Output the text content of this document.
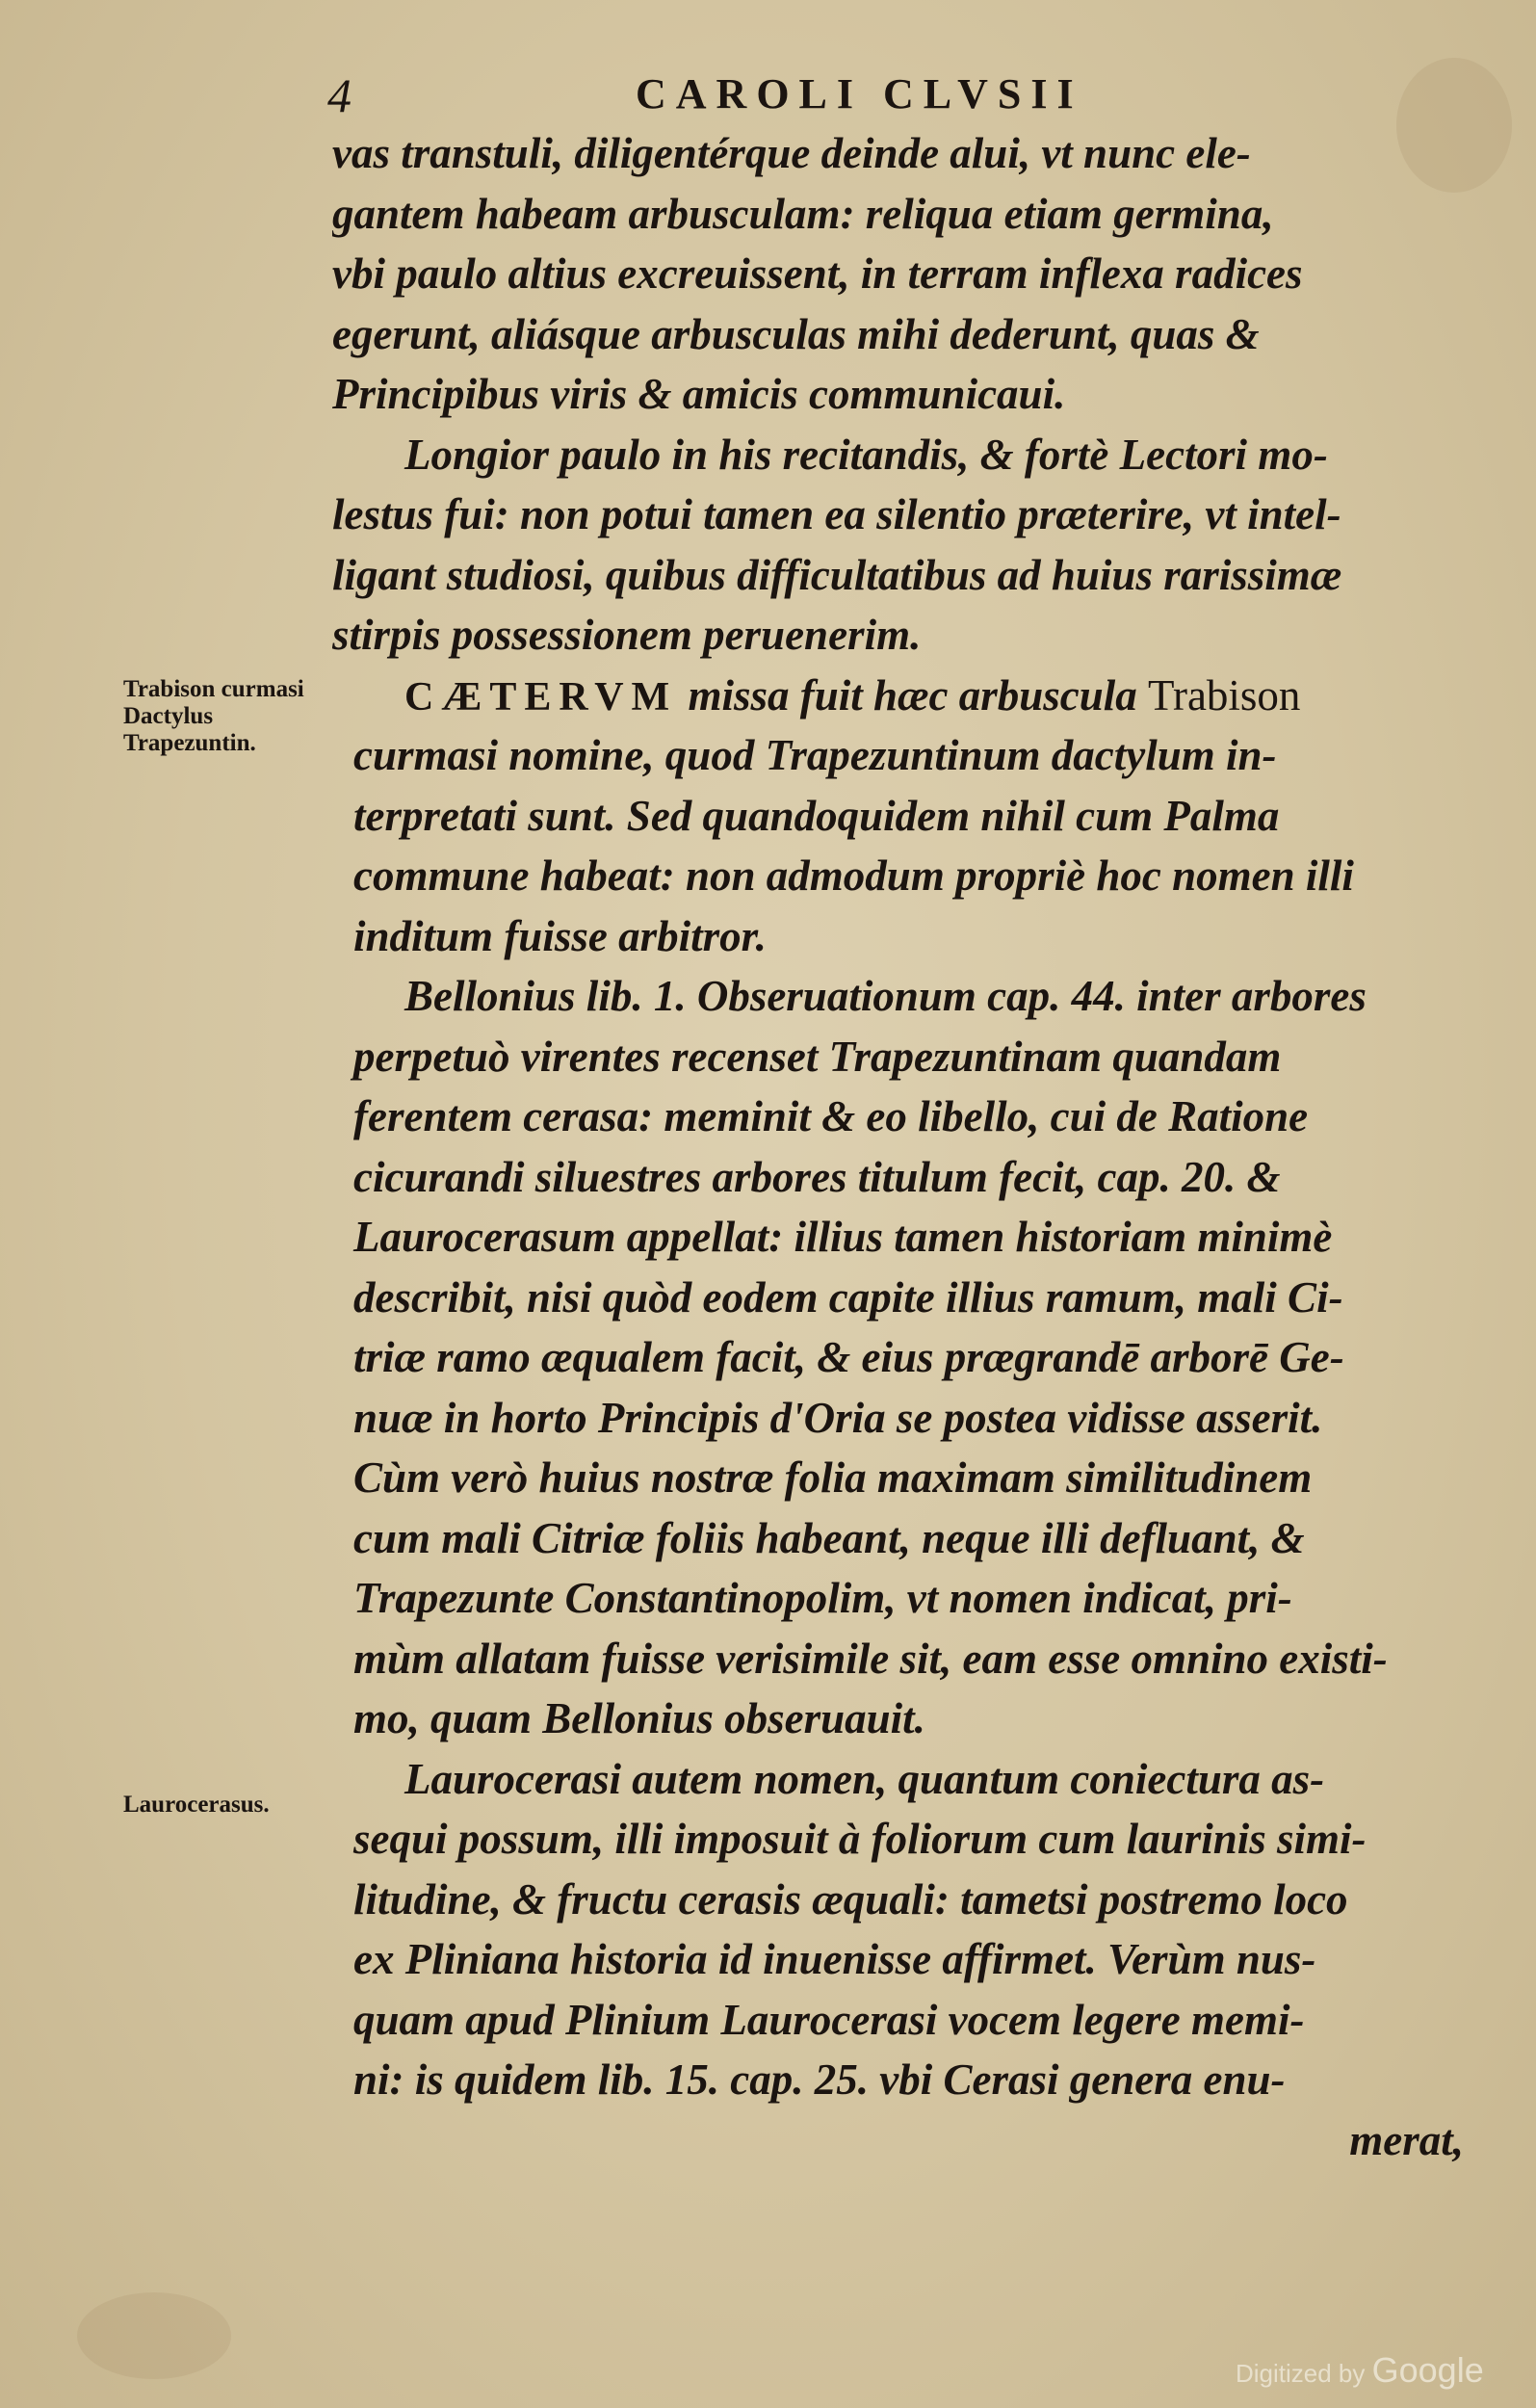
4	CAROLI CLVSII
vas transtuli, diligentérque deinde alui, vt nunc ele-
gantem habeam arbusculam: reliqua etiam germina,
vbi paulo altius excreuissent, in terram inflexa radices
egerunt, aliásque arbusculas mihi dederunt, quas &
Principibus viris & amicis communicaui.
Longior paulo in his recitandis, & fortè Lectori mo-
lestus fui: non potui tamen ea silentio præterire, vt intel-
ligant studiosi, quibus difficultatibus ad huius rarissimæ
stirpis possessionem peruenerim.
CÆTERVM missa fuit hæc arbuscula Trabison
curmasi nomine, quod Trapezuntinum dactylum in-
terpretati sunt. Sed quandoquidem nihil cum Palma
commune habeat: non admodum propriè hoc nomen illi
inditum fuisse arbitror.
Bellonius lib. 1. Obseruationum cap. 44. inter arbores
perpetuò virentes recenset Trapezuntinam quandam
ferentem cerasa: meminit & eo libello, cui de Ratione
cicurandi siluestres arbores titulum fecit, cap. 20. &
Laurocerasum appellat: illius tamen historiam minimè
describit, nisi quòd eodem capite illius ramum, mali Ci-
triæ ramo æqualem facit, & eius prægrandē arborē Ge-
nuæ in horto Principis d'Oria se postea vidisse asserit.
Cùm verò huius nostræ folia maximam similitudinem
cum mali Citriæ foliis habeant, neque illi defluant, &
Trapezunte Constantinopolim, vt nomen indicat, pri-
mùm allatam fuisse verisimile sit, eam esse omnino existi-
mo, quam Bellonius obseruauit.
Laurocerasi autem nomen, quantum coniectura as-
sequi possum, illi imposuit à foliorum cum laurinis simi-
litudine, & fructu cerasis æquali: tametsi postremo loco
ex Pliniana historia id inuenisse affirmet. Verùm nus-
quam apud Plinium Laurocerasi vocem legere memi-
ni: is quidem lib. 15. cap. 25. vbi Cerasi genera enu-
merat,
Trabison curmasi Dactylus Trapezuntin.
Laurocerasus.
Digitized by Google
